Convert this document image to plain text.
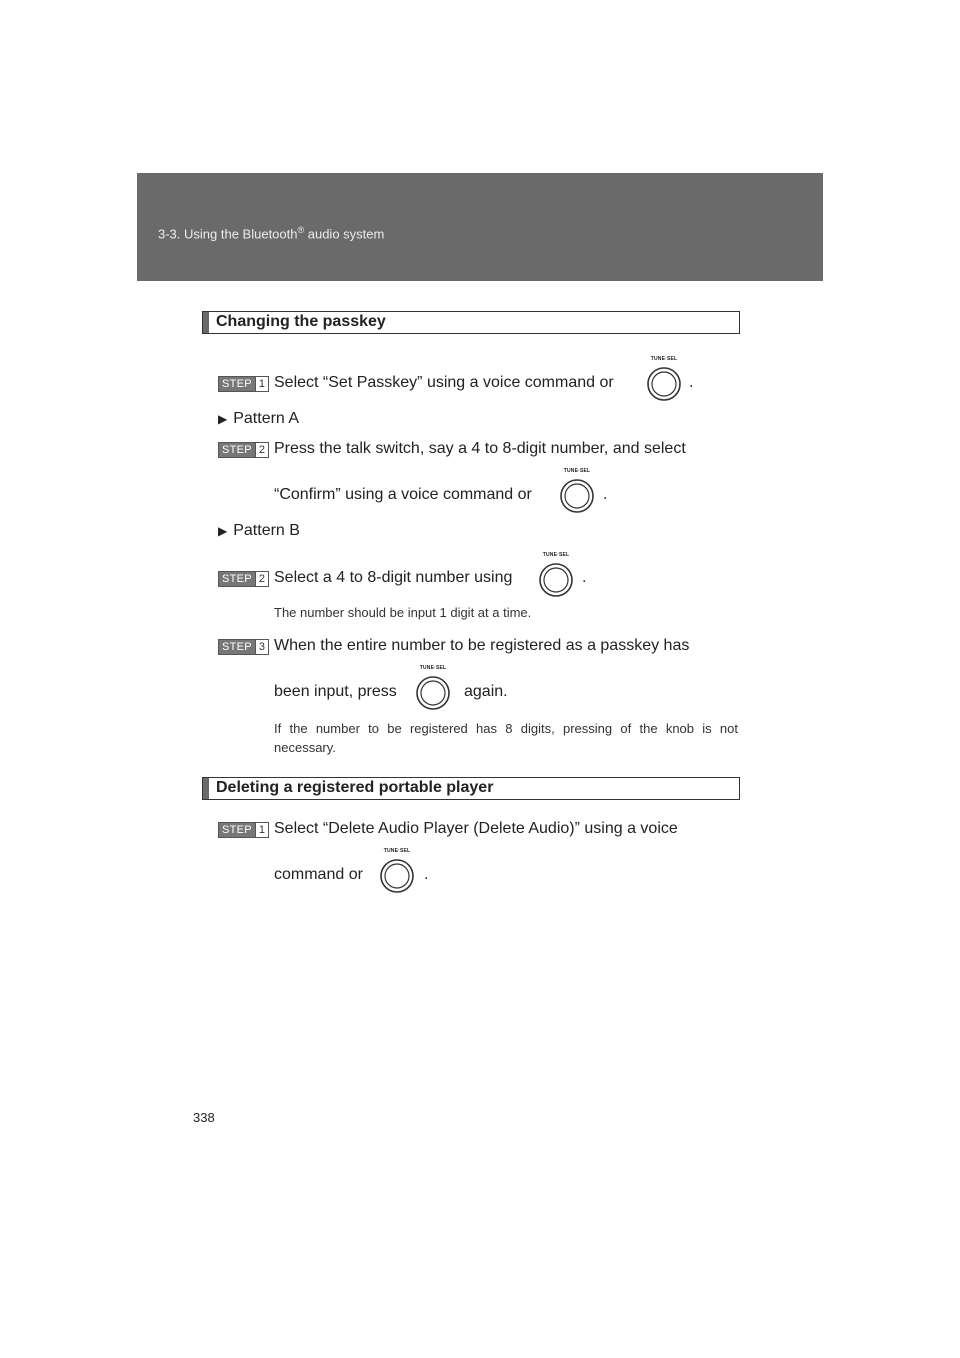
3-3. Using the Bluetooth® audio system
Changing the passkey
STEP 1 Select “Set Passkey” using a voice command or
TUNE·SEL
.
▶ Pattern A
STEP 2 Press the talk switch, say a 4 to 8-digit number, and select
“Confirm” using a voice command or
TUNE·SEL
.
▶ Pattern B
STEP 2 Select a 4 to 8-digit number using
TUNE·SEL
.
The number should be input 1 digit at a time.
STEP 3 When the entire number to be registered as a passkey has
been input, press
TUNE·SEL
again.
If the number to be registered has 8 digits, pressing of the knob is not necessary.
Deleting a registered portable player
STEP 1 Select “Delete Audio Player (Delete Audio)” using a voice
command or
TUNE·SEL
.
338
